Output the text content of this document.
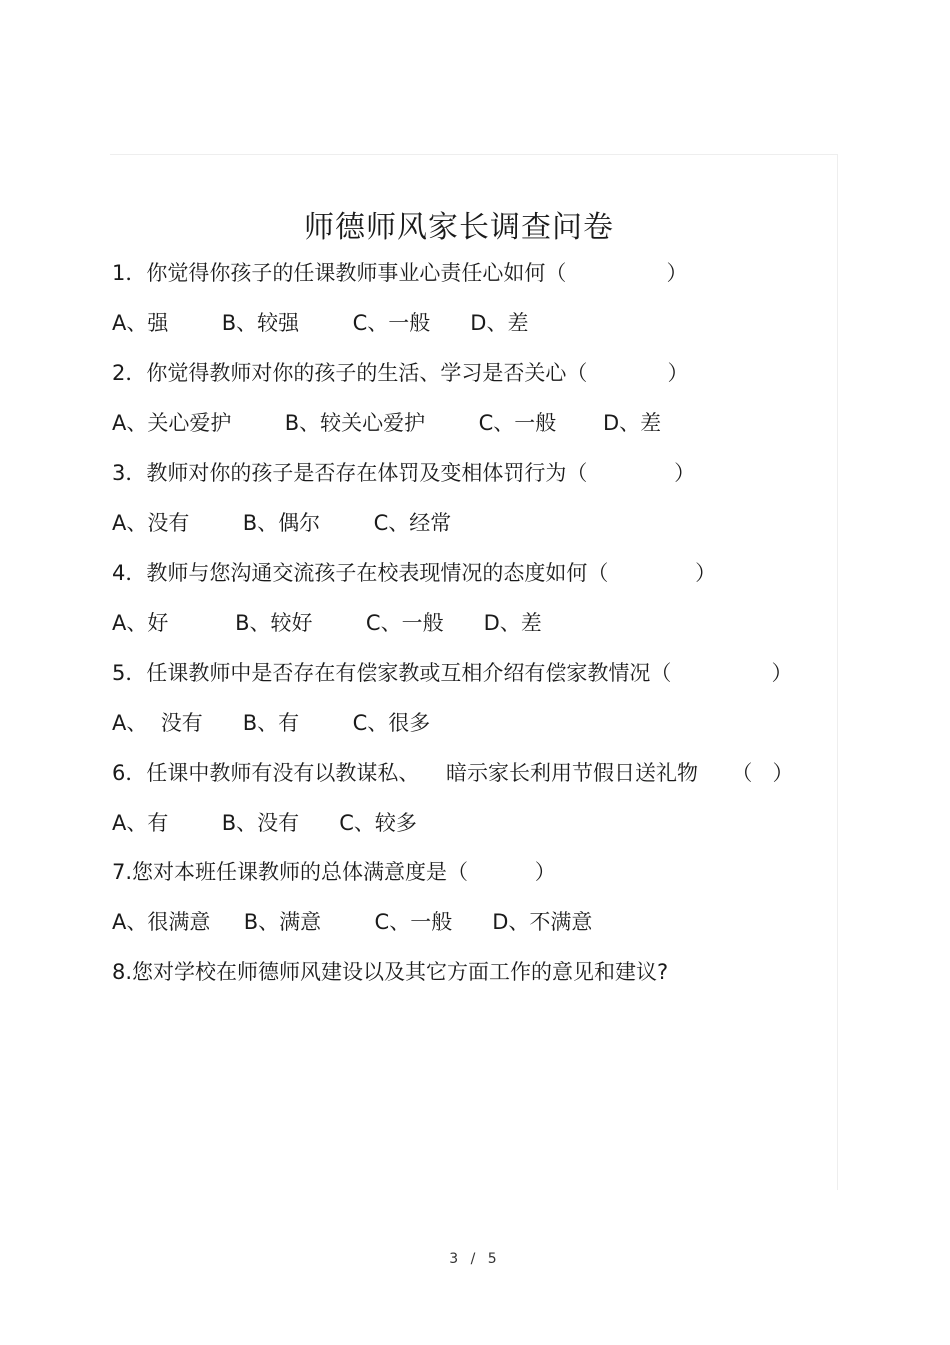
师德师风家长调查问卷
1．你觉得你孩子的任课教师事业心责任心如何（               ）
A、强        B、较强        C、一般      D、差
2．你觉得教师对你的孩子的生活、学习是否关心（            ）
A、关心爱护        B、较关心爱护        C、一般       D、差
3．教师对你的孩子是否存在体罚及变相体罚行为（             ）
A、没有        B、偶尔        C、经常
4．教师与您沟通交流孩子在校表现情况的态度如何（             ）
A、好          B、较好        C、一般      D、差
5．任课教师中是否存在有偿家教或互相介绍有偿家教情况（               ）
A、  没有      B、有        C、很多
6．任课中教师有没有以教谋私、    暗示家长利用节假日送礼物     （   ）
A、有        B、没有      C、较多
7.您对本班任课教师的总体满意度是（          ）
A、很满意     B、满意        C、一般      D、不满意
8.您对学校在师德师风建设以及其它方面工作的意见和建议?
3 / 5
